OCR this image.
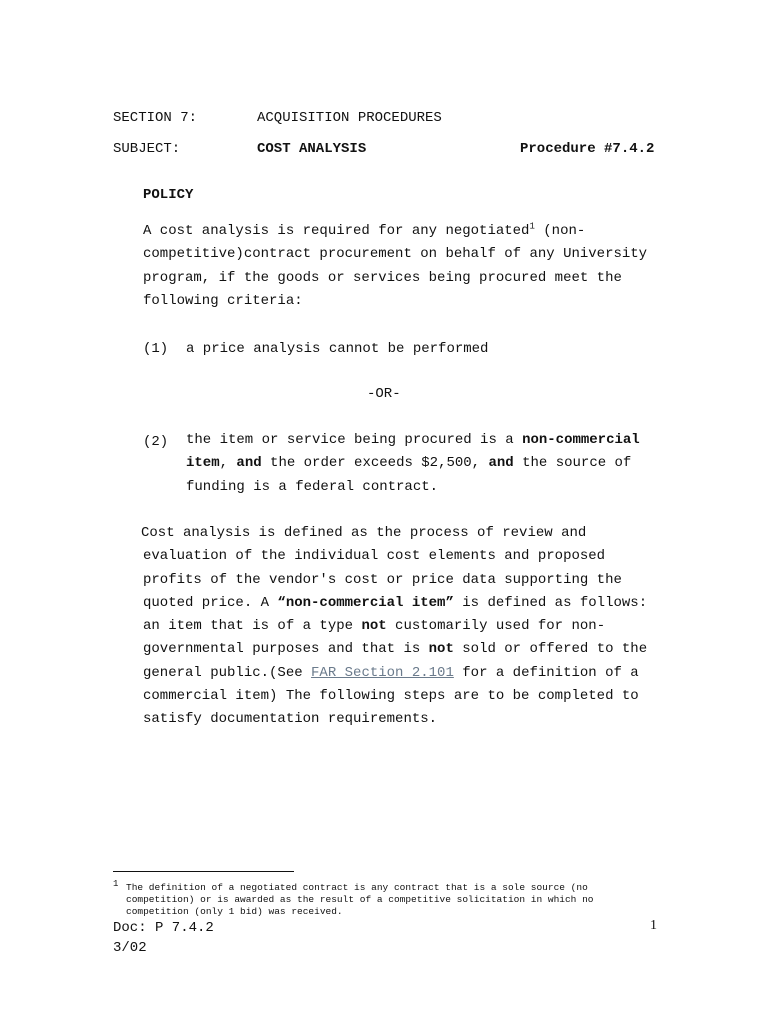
SECTION 7:	ACQUISITION PROCEDURES
SUBJECT:	COST ANALYSIS	Procedure #7.4.2
POLICY
A cost analysis is required for any negotiated$^1$ (non-
competitive)contract procurement on behalf of any University
program, if the goods or services being procured meet the
following criteria:
(1) a price analysis cannot be performed
-OR-
(2) the item or service being procured is a non-commercial
item, and the order exceeds $2,500, and the source of
funding is a federal contract.
Cost analysis is defined as the process of review and
evaluation of the individual cost elements and proposed
profits of the vendor's cost or price data supporting the
quoted price. A “non-commercial item” is defined as follows:
an item that is of a type not customarily used for non-
governmental purposes and that is not sold or offered to the
general public.(See FAR Section 2.101 for a definition of a
commercial item) The following steps are to be completed to
satisfy documentation requirements.
1 The definition of a negotiated contract is any contract that is a sole source (no
competition) or is awarded as the result of a competitive solicitation in which no
competition (only 1 bid) was received.
Doc: P 7.4.2
3/02
1
